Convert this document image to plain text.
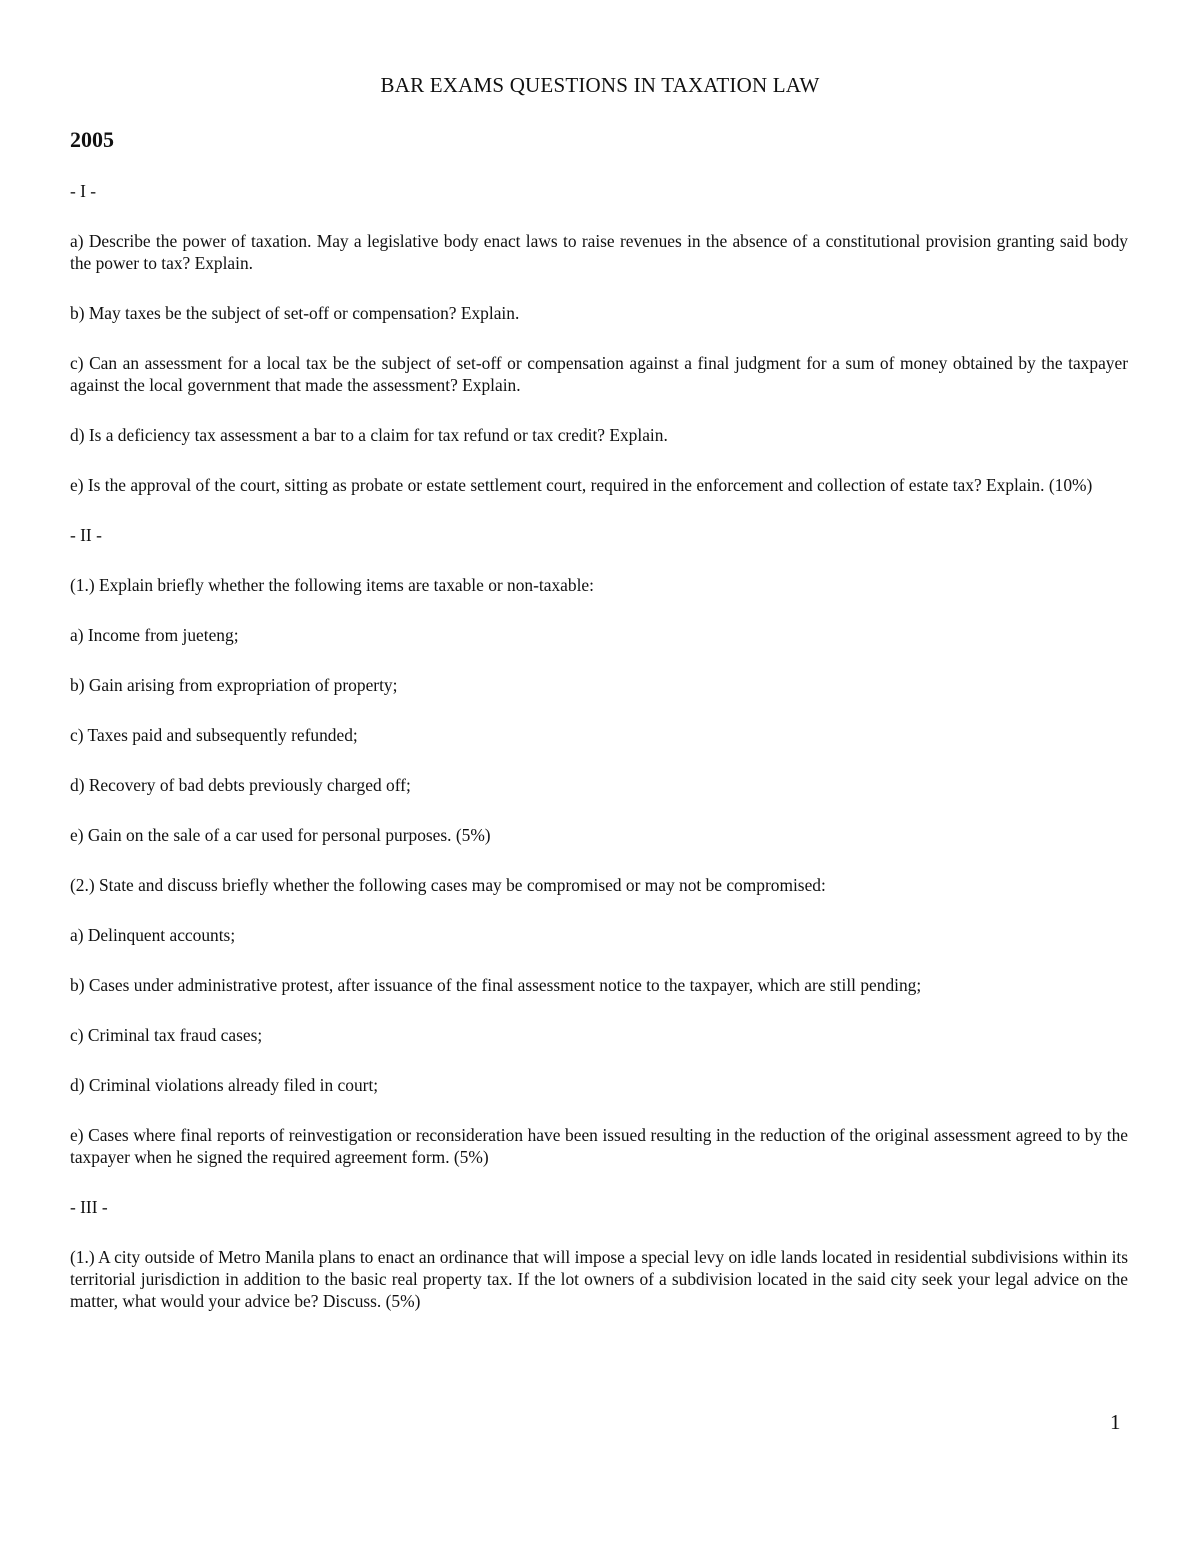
BAR EXAMS QUESTIONS IN TAXATION LAW
2005

- I -

a) Describe the power of taxation. May a legislative body enact laws to raise revenues in the absence of a constitutional provision granting said body the power to tax? Explain.

b) May taxes be the subject of set-off or compensation? Explain.

c) Can an assessment for a local tax be the subject of set-off or compensation against a final judgment for a sum of money obtained by the taxpayer against the local government that made the assessment? Explain.

d) Is a deficiency tax assessment a bar to a claim for tax refund or tax credit? Explain.

e) Is the approval of the court, sitting as probate or estate settlement court, required in the enforcement and collection of estate tax? Explain. (10%)

- II -

(1.) Explain briefly whether the following items are taxable or non-taxable:

a) Income from jueteng;

b) Gain arising from expropriation of property;

c) Taxes paid and subsequently refunded;

d) Recovery of bad debts previously charged off;

e) Gain on the sale of a car used for personal purposes. (5%)

(2.) State and discuss briefly whether the following cases may be compromised or may not be compromised:

a) Delinquent accounts;

b) Cases under administrative protest, after issuance of the final assessment notice to the taxpayer, which are still pending;

c) Criminal tax fraud cases;

d) Criminal violations already filed in court;

e) Cases where final reports of reinvestigation or reconsideration have been issued resulting in the reduction of the original assessment agreed to by the taxpayer when he signed the required agreement form. (5%)

- III -

(1.) A city outside of Metro Manila plans to enact an ordinance that will impose a special levy on idle lands located in residential subdivisions within its territorial jurisdiction in addition to the basic real property tax. If the lot owners of a subdivision located in the said city seek your legal advice on the matter, what would your advice be? Discuss. (5%)

1
